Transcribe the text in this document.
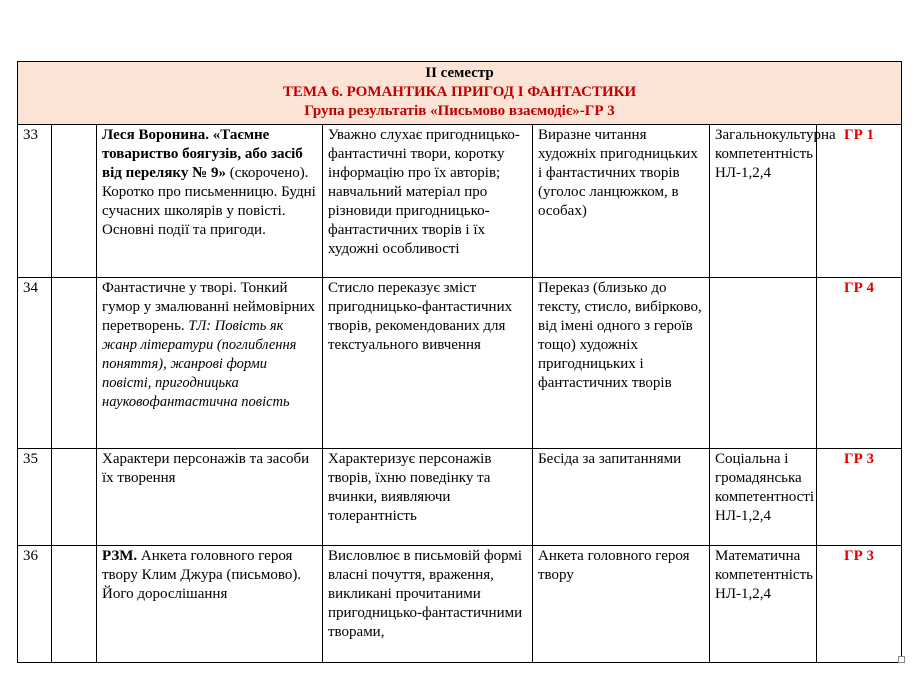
ІІ семестр
ТЕМА 6. РОМАНТИКА ПРИГОД І ФАНТАСТИКИ
Група результатів «Письмово взаємодіє»-ГР 3						

33		Леся Воронина. «Таємне товариство боягузів, або засіб від переляку № 9» (скорочено). Коротко про письменницю. Будні сучасних школярів у повісті. Основні події та пригоди.	Уважно слухає пригодницько-фантастичні твори, коротку інформацію про їх авторів; навчальний матеріал про різновиди пригодницько-фантастичних творів і їх художні особливості	Виразне читання художніх пригодницьких і фантастичних творів (уголос ланцюжком, в особах)	Загальнокультурна компетентність НЛ-1,2,4	ГР 1
34		Фантастичне у творі. Тонкий гумор у змалюванні неймовірних перетворень. ТЛ: Повість як жанр літератури (поглиблення поняття), жанрові форми повісті, пригодницька науковофантастична повість	Стисло переказує зміст пригодницько-фантастичних творів, рекомендованих для текстуального вивчення	Переказ (близько до тексту, стисло, вибірково, від імені одного з героїв тощо) художніх пригодницьких і фантастичних творів		ГР 4
35		Характери персонажів та засоби їх творення	Характеризує персонажів творів, їхню поведінку та вчинки, виявляючи толерантність	Бесіда за запитаннями	Соціальна і громадянська компетентності НЛ-1,2,4	ГР 3
36		РЗМ. Анкета головного героя твору Клим Джура (письмово). Його дорослішання	Висловлює в письмовій формі власні почуття, враження, викликані прочитаними пригодницько-фантастичними творами,	Анкета головного героя твору	Математична компетентність НЛ-1,2,4	ГР 3
